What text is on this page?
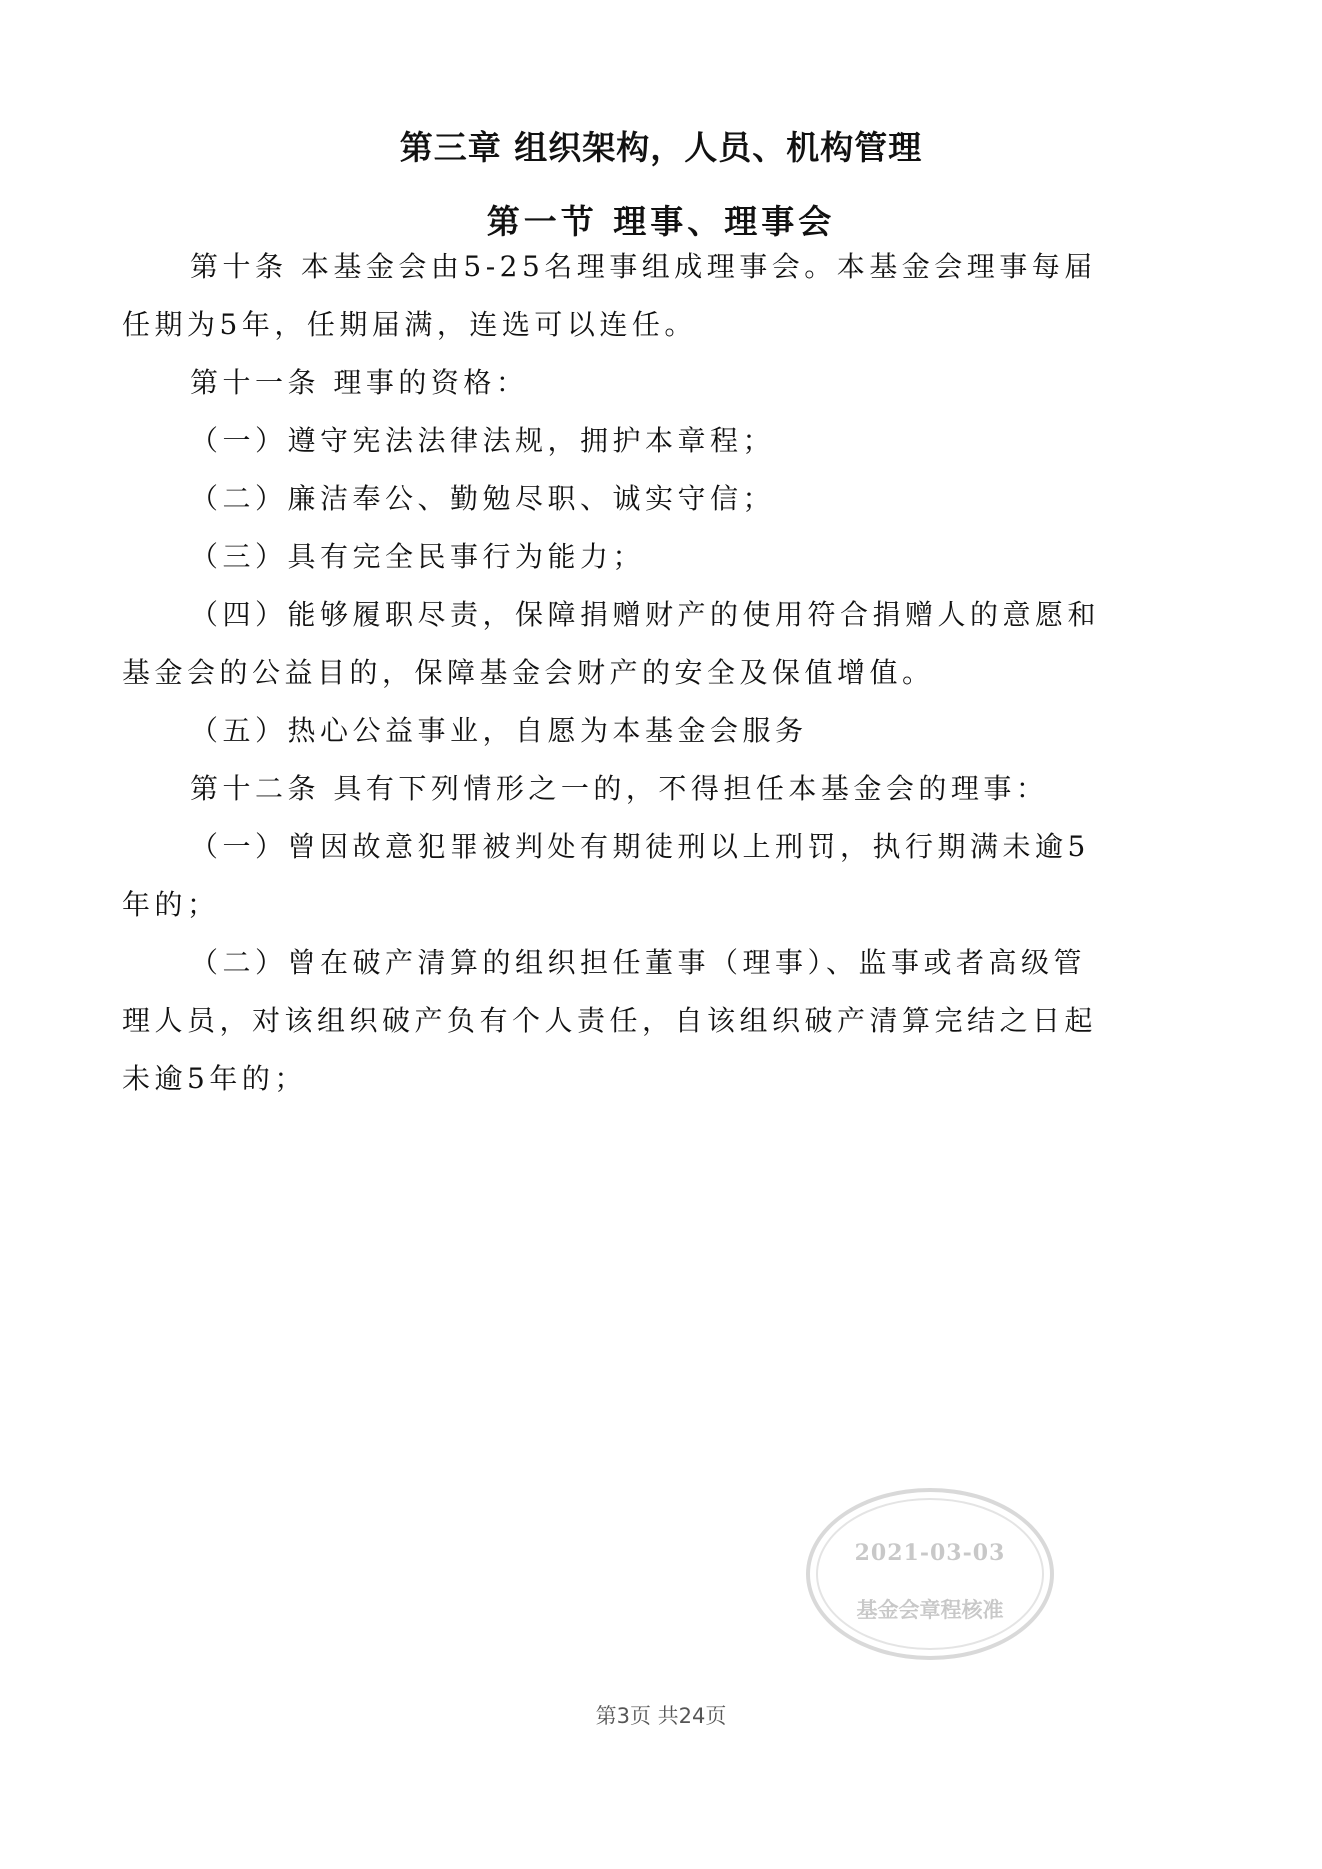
第三章 组织架构，人员、机构管理
第一节 理事、理事会

第十条 本基金会由5-25名理事组成理事会。本基金会理事每届任期为5年，任期届满，连选可以连任。

第十一条 理事的资格：

（一）遵守宪法法律法规，拥护本章程；

（二）廉洁奉公、勤勉尽职、诚实守信；

（三）具有完全民事行为能力；

（四）能够履职尽责，保障捐赠财产的使用符合捐赠人的意愿和基金会的公益目的，保障基金会财产的安全及保值增值。

（五）热心公益事业，自愿为本基金会服务

第十二条 具有下列情形之一的，不得担任本基金会的理事：

（一）曾因故意犯罪被判处有期徒刑以上刑罚，执行期满未逾5年的；

（二）曾在破产清算的组织担任董事（理事）、监事或者高级管理人员，对该组织破产负有个人责任，自该组织破产清算完结之日起未逾5年的；

2021-03-03
基金会章程核准
第3页 共24页
